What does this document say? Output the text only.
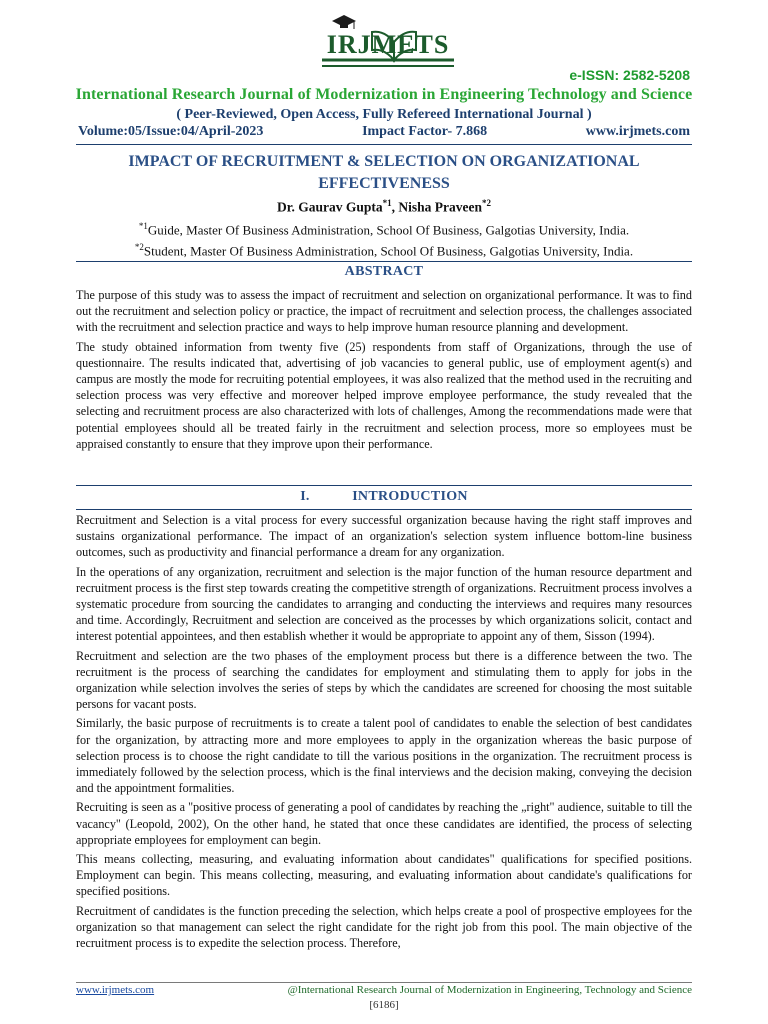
IRJMETS
e-ISSN: 2582-5208
International Research Journal of Modernization in Engineering Technology and Science
( Peer-Reviewed, Open Access, Fully Refereed International Journal )
Volume:05/Issue:04/April-2023	Impact Factor- 7.868	www.irjmets.com
IMPACT OF RECRUITMENT & SELECTION ON ORGANIZATIONAL
EFFECTIVENESS
Dr. Gaurav Gupta$^{*1}$, Nisha Praveen$^{*2}$
$^{*1}$Guide, Master Of Business Administration, School Of Business, Galgotias University, India.
$^{*2}$Student, Master Of Business Administration, School Of Business, Galgotias University, India.
ABSTRACT

The purpose of this study was to assess the impact of recruitment and selection on organizational performance. It was to find out the recruitment and selection policy or practice, the impact of recruitment and selection process, the challenges associated with the recruitment and selection practice and ways to help improve human resource planning and development.

The study obtained information from twenty five (25) respondents from staff of Organizations, through the use of questionnaire. The results indicated that, advertising of job vacancies to general public, use of employment agent(s) and campus are mostly the mode for recruiting potential employees, it was also realized that the method used in the recruiting and selection process was very effective and moreover helped improve employee performance, the study revealed that the selecting and recruitment process are also characterized with lots of challenges, Among the recommendations made were that potential employees should all be treated fairly in the recruitment and selection process, more so employees must be appraised constantly to ensure that they improve upon their performance.

I.	INTRODUCTION

Recruitment and Selection is a vital process for every successful organization because having the right staff improves and sustains organizational performance. The impact of an organization's selection system influence bottom-line business outcomes, such as productivity and financial performance a dream for any organization.

In the operations of any organization, recruitment and selection is the major function of the human resource department and recruitment process is the first step towards creating the competitive strength of organizations. Recruitment process involves a systematic procedure from sourcing the candidates to arranging and conducting the interviews and requires many resources and time. Accordingly, Recruitment and selection are conceived as the processes by which organizations solicit, contact and interest potential appointees, and then establish whether it would be appropriate to appoint any of them, Sisson (1994).

Recruitment and selection are the two phases of the employment process but there is a difference between the two. The recruitment is the process of searching the candidates for employment and stimulating them to apply for jobs in the organization while selection involves the series of steps by which the candidates are screened for choosing the most suitable persons for vacant posts.

Similarly, the basic purpose of recruitments is to create a talent pool of candidates to enable the selection of best candidates for the organization, by attracting more and more employees to apply in the organization whereas the basic purpose of selection process is to choose the right candidate to till the various positions in the organization. The recruitment process is immediately followed by the selection process, which is the final interviews and the decision making, conveying the decision and the appointment formalities.

Recruiting is seen as a "positive process of generating a pool of candidates by reaching the „right" audience, suitable to till the vacancy" (Leopold, 2002), On the other hand, he stated that once these candidates are identified, the process of selecting appropriate employees for employment can begin.

This means collecting, measuring, and evaluating information about candidates" qualifications for specified positions. Employment can begin. This means collecting, measuring, and evaluating information about candidate's qualifications for specified positions.

Recruitment of candidates is the function preceding the selection, which helps create a pool of prospective employees for the organization so that management can select the right candidate for the right job from this pool. The main objective of the recruitment process is to expedite the selection process. Therefore,

www.irjmets.com	@International Research Journal of Modernization in Engineering, Technology and Science
[6186]
